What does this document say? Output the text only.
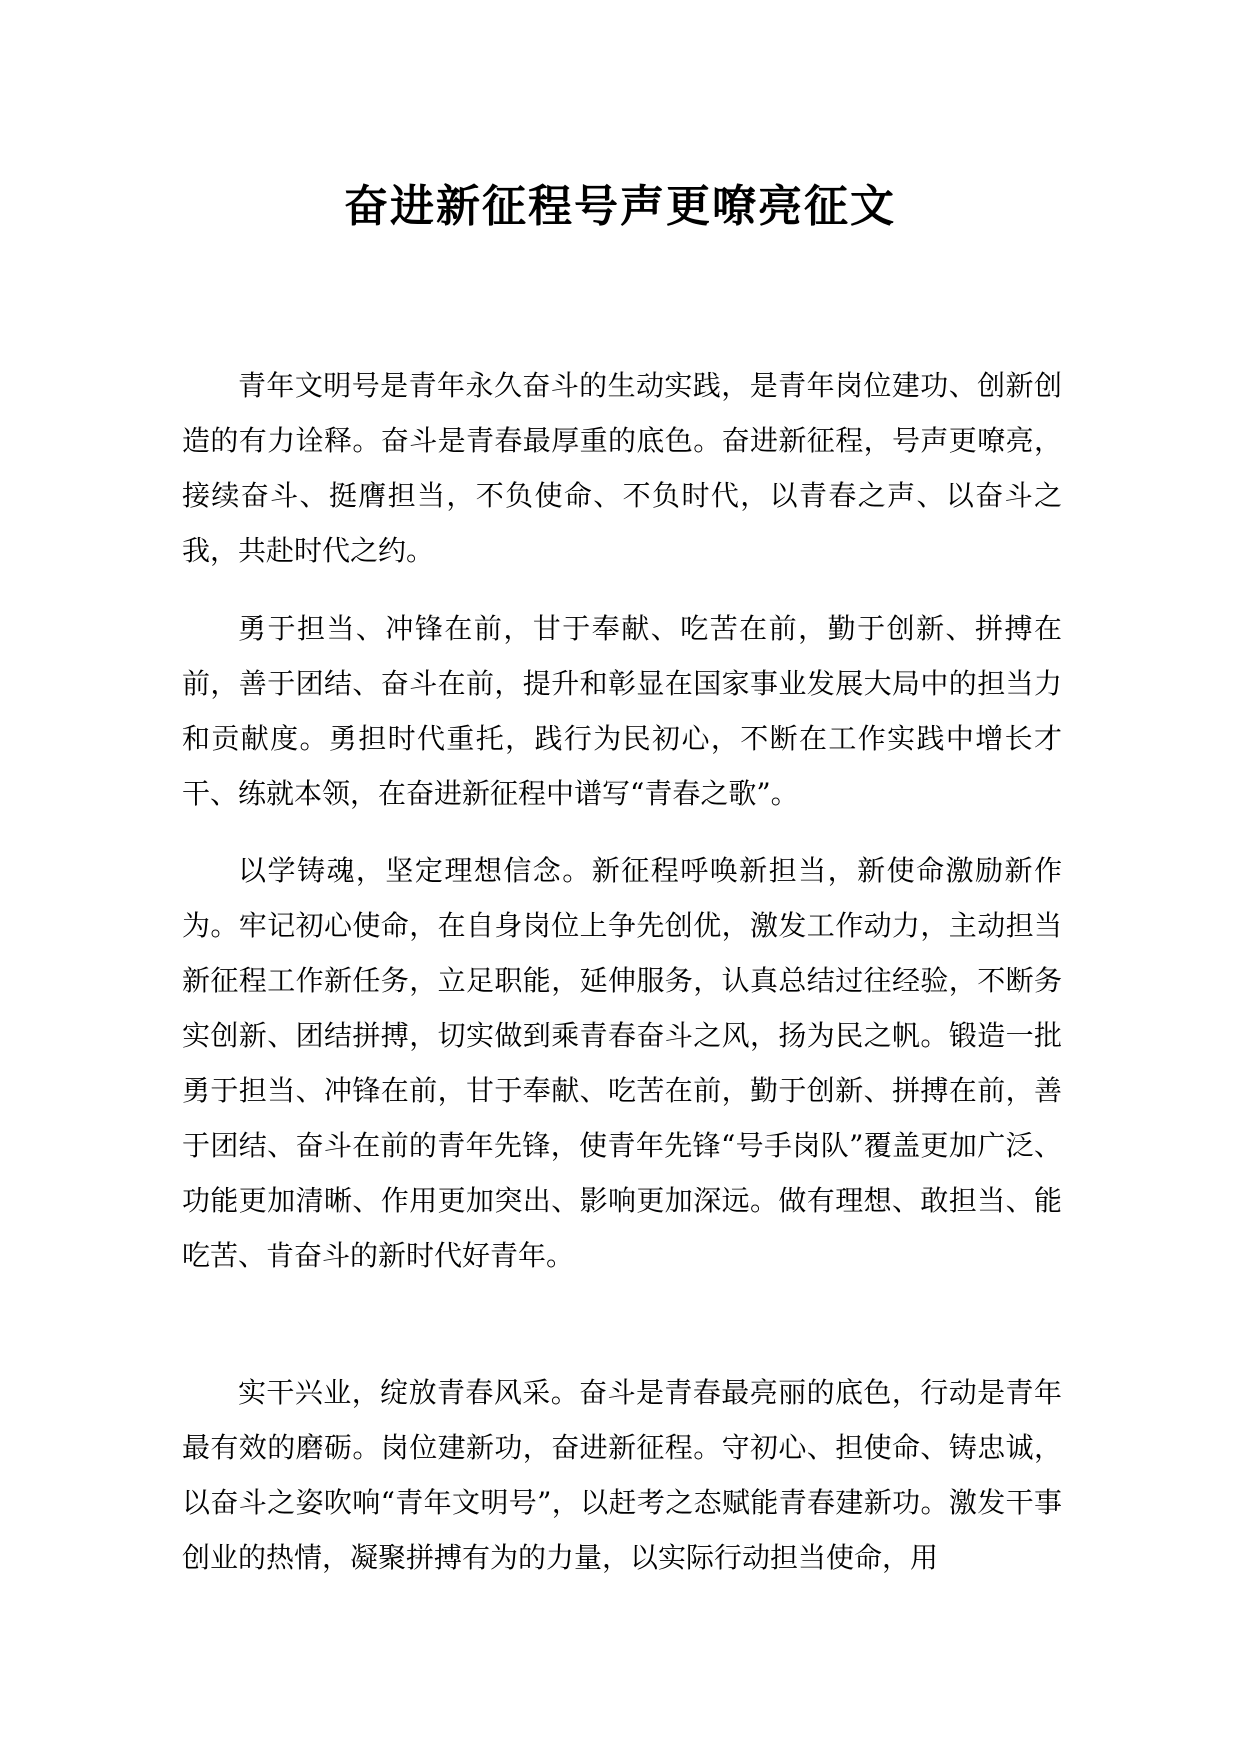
奋进新征程号声更嘹亮征文

青年文明号是青年永久奋斗的生动实践，是青年岗位建功、创新创造的有力诠释。奋斗是青春最厚重的底色。奋进新征程，号声更嘹亮，接续奋斗、挺膺担当，不负使命、不负时代，以青春之声、以奋斗之我，共赴时代之约。

勇于担当、冲锋在前，甘于奉献、吃苦在前，勤于创新、拼搏在前，善于团结、奋斗在前，提升和彰显在国家事业发展大局中的担当力和贡献度。勇担时代重托，践行为民初心，不断在工作实践中增长才干、练就本领，在奋进新征程中谱写“青春之歌”。

以学铸魂，坚定理想信念。新征程呼唤新担当，新使命激励新作为。牢记初心使命，在自身岗位上争先创优，激发工作动力，主动担当新征程工作新任务，立足职能，延伸服务，认真总结过往经验，不断务实创新、团结拼搏，切实做到乘青春奋斗之风，扬为民之帆。锻造一批勇于担当、冲锋在前，甘于奉献、吃苦在前，勤于创新、拼搏在前，善于团结、奋斗在前的青年先锋，使青年先锋“号手岗队”覆盖更加广泛、功能更加清晰、作用更加突出、影响更加深远。做有理想、敢担当、能吃苦、肯奋斗的新时代好青年。

实干兴业，绽放青春风采。奋斗是青春最亮丽的底色，行动是青年最有效的磨砺。岗位建新功，奋进新征程。守初心、担使命、铸忠诚，以奋斗之姿吹响“青年文明号”，以赶考之态赋能青春建新功。激发干事创业的热情，凝聚拼搏有为的力量，以实际行动担当使命，用
